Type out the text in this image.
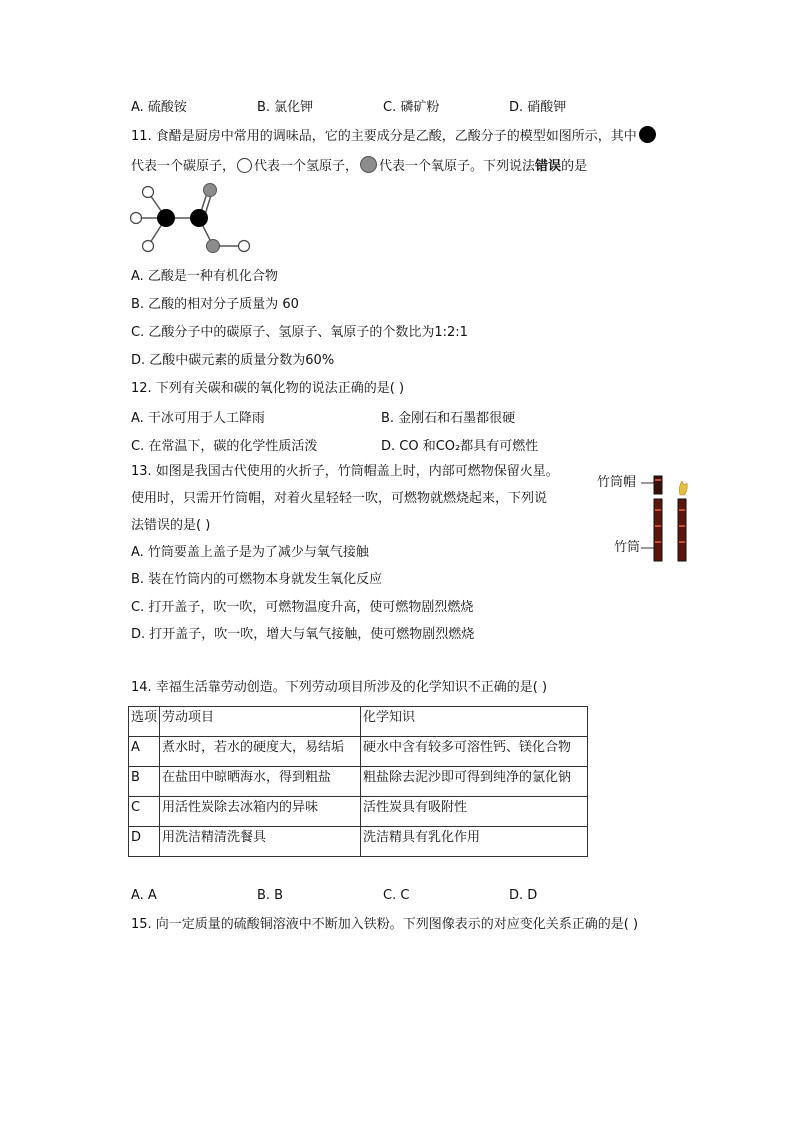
A. 硫酸铵	B. 氯化钾	C. 磷矿粉	D. 硝酸钾
11. 食醋是厨房中常用的调味品，它的主要成分是乙酸，乙酸分子的模型如图所示，其中
代表一个碳原子， 代表一个氢原子， 代表一个氧原子。下列说法错误的是
A. 乙酸是一种有机化合物
B. 乙酸的相对分子质量为 60
C. 乙酸分子中的碳原子、氢原子、氧原子的个数比为1:2:1
D. 乙酸中碳元素的质量分数为60%
12. 下列有关碳和碳的氧化物的说法正确的是( )
A. 干冰可用于人工降雨	B. 金刚石和石墨都很硬
C. 在常温下，碳的化学性质活泼	D. CO 和CO₂都具有可燃性
13. 如图是我国古代使用的火折子，竹筒帽盖上时，内部可燃物保留火星。
使用时，只需开竹筒帽，对着火星轻轻一吹，可燃物就燃烧起来，下列说
法错误的是( )
A. 竹筒要盖上盖子是为了减少与氧气接触
B. 装在竹筒内的可燃物本身就发生氧化反应
C. 打开盖子，吹一吹，可燃物温度升高，使可燃物剧烈燃烧
D. 打开盖子，吹一吹，增大与氧气接触，使可燃物剧烈燃烧
竹筒帽
竹筒
14. 幸福生活靠劳动创造。下列劳动项目所涉及的化学知识不正确的是( )
选项	劳动项目	化学知识
A	煮水时，若水的硬度大，易结垢	硬水中含有较多可溶性钙、镁化合物
B	在盐田中晾晒海水，得到粗盐	粗盐除去泥沙即可得到纯净的氯化钠
C	用活性炭除去冰箱内的异味	活性炭具有吸附性
D	用洗洁精清洗餐具	洗洁精具有乳化作用
A. A	B. B	C. C	D. D
15. 向一定质量的硫酸铜溶液中不断加入铁粉。下列图像表示的对应变化关系正确的是( )
